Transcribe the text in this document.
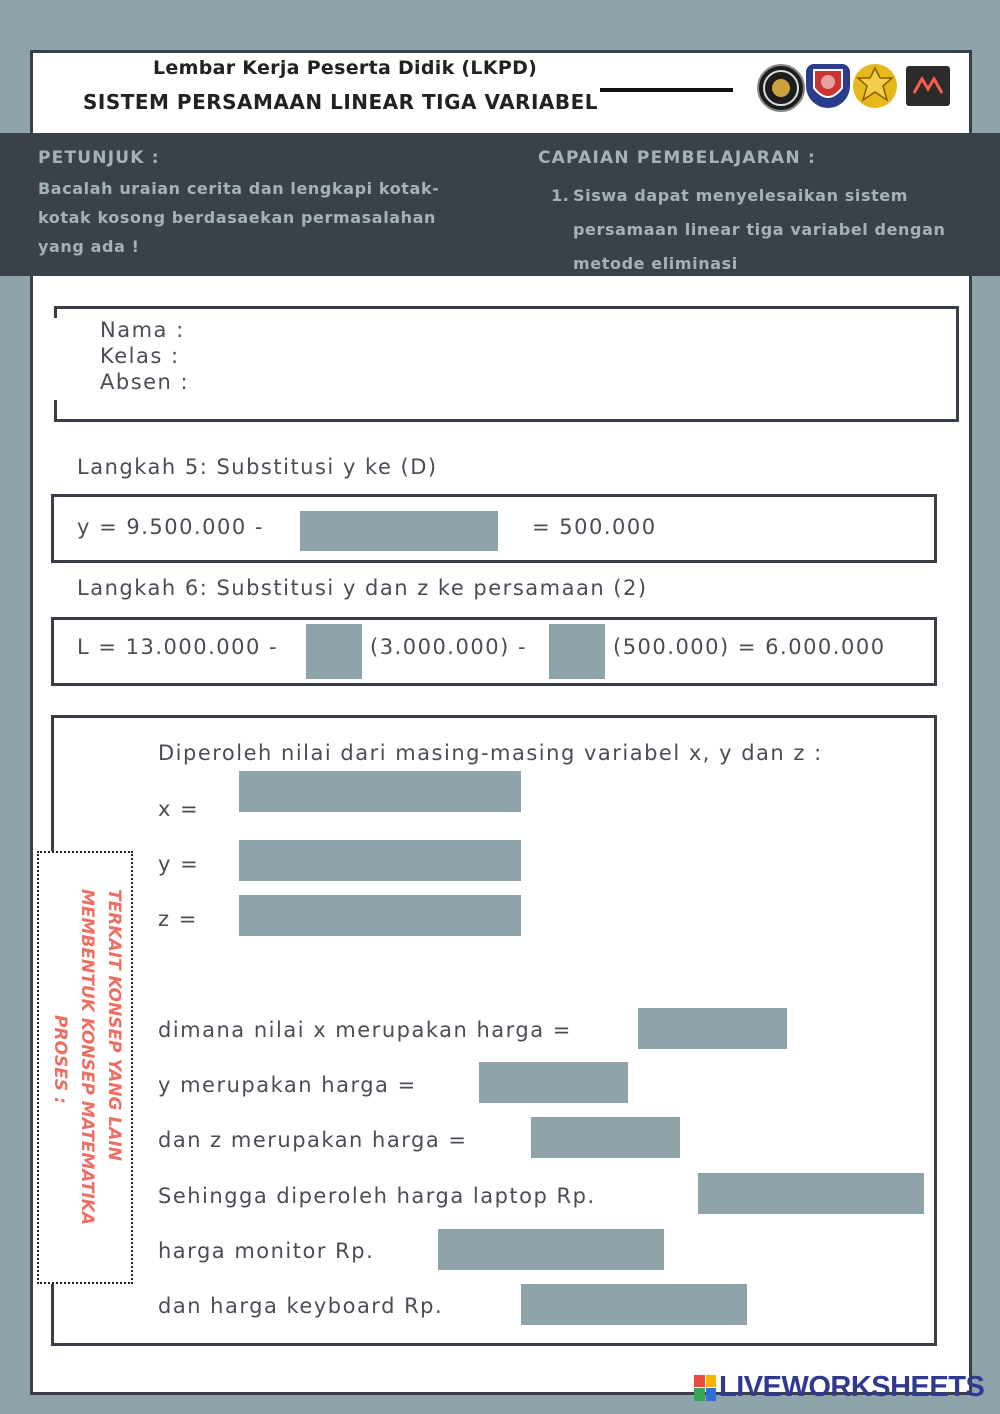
Lembar Kerja Peserta Didik (LKPD)
SISTEM PERSAMAAN LINEAR TIGA VARIABEL
PETUNJUK :
Bacalah uraian cerita dan lengkapi kotak-
kotak kosong berdasaekan permasalahan
yang ada !
CAPAIAN PEMBELAJARAN :
1. Siswa dapat menyelesaikan sistem
persamaan linear tiga variabel dengan
metode eliminasi
Nama :
Kelas :
Absen :
Langkah 5: Substitusi y ke (D)
y = 9.500.000 -	= 500.000
Langkah 6: Substitusi y dan z ke persamaan (2)
L = 13.000.000 -	(3.000.000) -	(500.000) = 6.000.000
Diperoleh nilai dari masing-masing variabel x, y dan z :
x =
y =
z =
dimana nilai x merupakan harga =
y merupakan harga =
dan z merupakan harga =
Sehingga diperoleh harga laptop Rp.
harga monitor Rp.
dan harga keyboard Rp.
TERKAIT KONSEP YANG LAIN
MEMBENTUK KONSEP MATEMATIKA
PROSES :
LIVEWORKSHEETS
